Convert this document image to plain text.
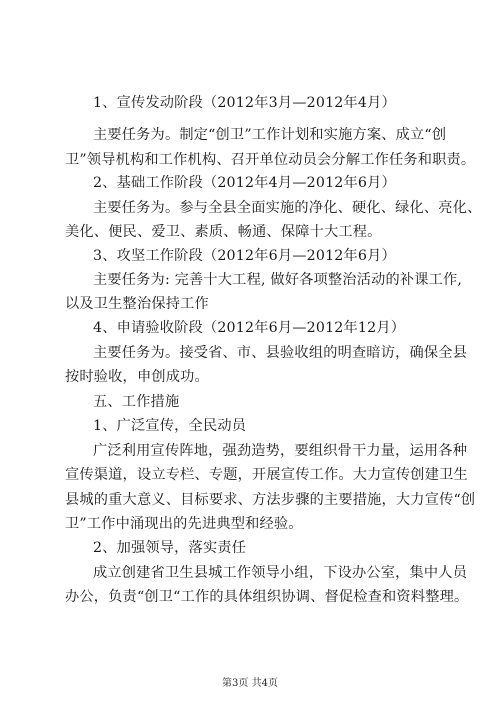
1、宣传发动阶段（2012年3月—2012年4月）
主要任务为。制定“创卫”工作计划和实施方案、成立“创
卫”领导机构和工作机构、召开单位动员会分解工作任务和职责。
2、基础工作阶段（2012年4月—2012年6月）
主要任务为。参与全县全面实施的净化、硬化、绿化、亮化、
美化、便民、爱卫、素质、畅通、保障十大工程。
3、攻坚工作阶段（2012年6月—2012年6月）
主要任务为: 完善十大工程, 做好各项整治活动的补课工作,
以及卫生整治保持工作
4、申请验收阶段（2012年6月—2012年12月）
主要任务为。接受省、市、县验收组的明查暗访，确保全县
按时验收，申创成功。
五、工作措施
1、广泛宣传，全民动员
广泛利用宣传阵地，强劲造势，要组织骨干力量，运用各种
宣传渠道，设立专栏、专题，开展宣传工作。大力宣传创建卫生
县城的重大意义、目标要求、方法步骤的主要措施，大力宣传“创
卫”工作中涌现出的先进典型和经验。
2、加强领导，落实责任
成立创建省卫生县城工作领导小组，下设办公室，集中人员
办公，负责“创卫“工作的具体组织协调、督促检查和资料整理。
第3页 共4页
